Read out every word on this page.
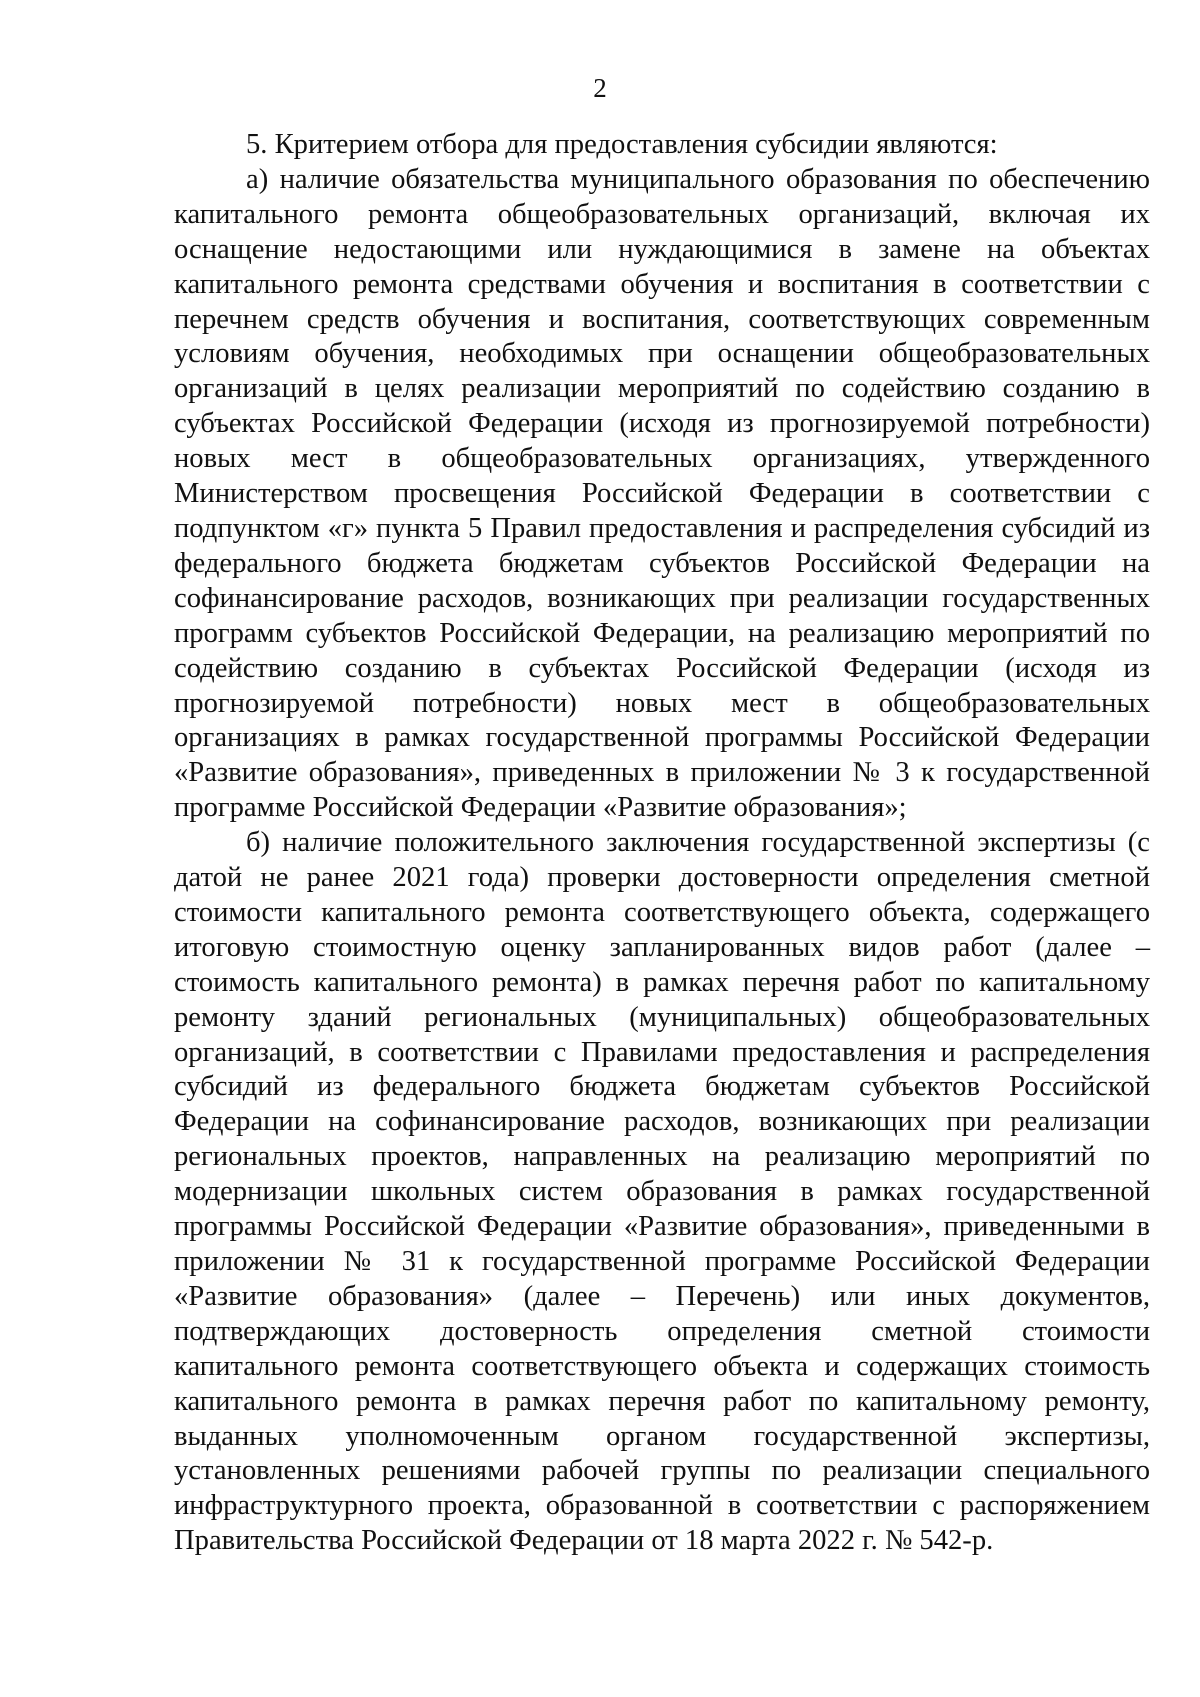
2

5. Критерием отбора для предоставления субсидии являются:

а) наличие обязательства муниципального образования по обеспечению капитального ремонта общеобразовательных организаций, включая их оснащение недостающими или нуждающимися в замене на объектах капитального ремонта средствами обучения и воспитания в соответствии с перечнем средств обучения и воспитания, соответствующих современным условиям обучения, необходимых при оснащении общеобразовательных организаций в целях реализации мероприятий по содействию созданию в субъектах Российской Федерации (исходя из прогнозируемой потребности) новых мест в общеобразовательных организациях, утвержденного Министерством просвещения Российской Федерации в соответствии с подпунктом «г» пункта 5 Правил предоставления и распределения субсидий из федерального бюджета бюджетам субъектов Российской Федерации на софинансирование расходов, возникающих при реализации государственных программ субъектов Российской Федерации, на реализацию мероприятий по содействию созданию в субъектах Российской Федерации (исходя из прогнозируемой потребности) новых мест в общеобразовательных организациях в рамках государственной программы Российской Федерации «Развитие образования», приведенных в приложении № 3 к государственной программе Российской Федерации «Развитие образования»;

б) наличие положительного заключения государственной экспертизы (с датой не ранее 2021 года) проверки достоверности определения сметной стоимости капитального ремонта соответствующего объекта, содержащего итоговую стоимостную оценку запланированных видов работ (далее – стоимость капитального ремонта) в рамках перечня работ по капитальному ремонту зданий региональных (муниципальных) общеобразовательных организаций, в соответствии с Правилами предоставления и распределения субсидий из федерального бюджета бюджетам субъектов Российской Федерации на софинансирование расходов, возникающих при реализации региональных проектов, направленных на реализацию мероприятий по модернизации школьных систем образования в рамках государственной программы Российской Федерации «Развитие образования», приведенными в приложении № 31 к государственной программе Российской Федерации «Развитие образования» (далее – Перечень) или иных документов, подтверждающих достоверность определения сметной стоимости капитального ремонта соответствующего объекта и содержащих стоимость капитального ремонта в рамках перечня работ по капитальному ремонту, выданных уполномоченным органом государственной экспертизы, установленных решениями рабочей группы по реализации специального инфраструктурного проекта, образованной в соответствии с распоряжением Правительства Российской Федерации от 18 марта 2022 г. № 542-р.
